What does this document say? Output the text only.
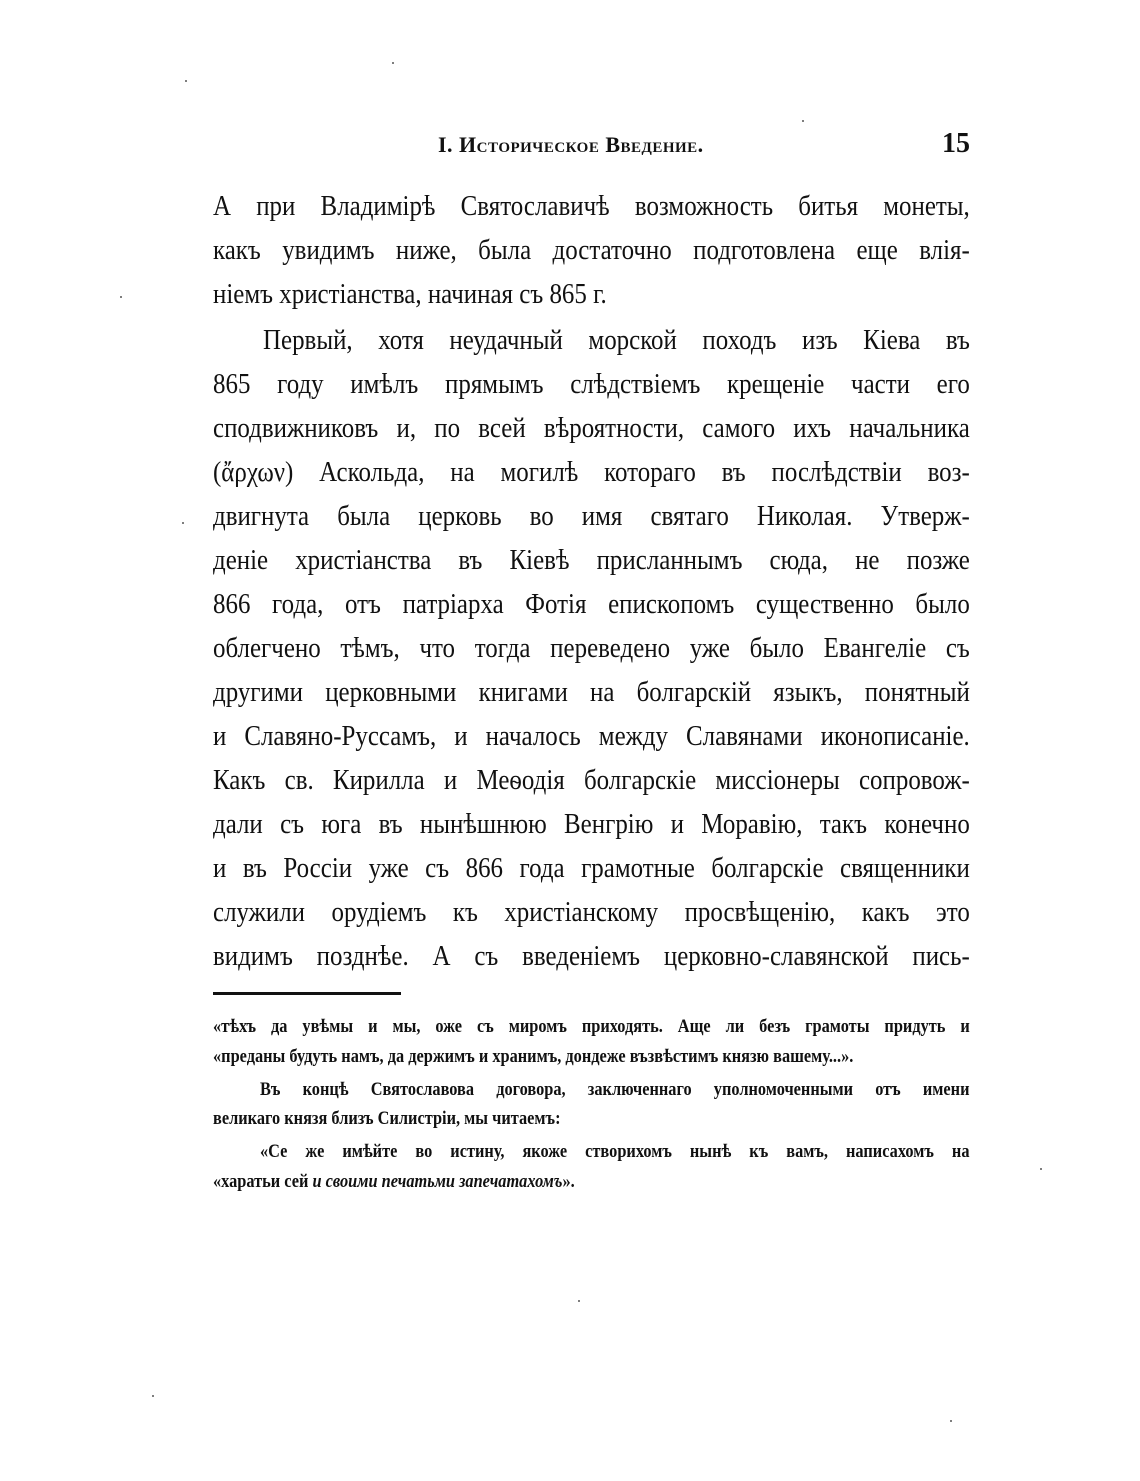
I. Историческое Введение.	15
А при Владимірѣ Святославичѣ возможность битья монеты,
какъ увидимъ ниже, была достаточно подготовлена еще влія-
ніемъ христіанства, начиная съ 865 г.
Первый, хотя неудачный морской походъ изъ Кіева въ
865 году имѣлъ прямымъ слѣдствіемъ крещеніе части его
сподвижниковъ и, по всей вѣроятности, самого ихъ начальника
(ἄρχων) Аскольда, на могилѣ котораго въ послѣдствіи воз-
двигнута была церковь во имя святаго Николая. Утверж-
деніе христіанства въ Кіевѣ присланнымъ сюда, не позже
866 года, отъ патріарха Фотія епископомъ существенно было
облегчено тѣмъ, что тогда переведено уже было Евангеліе съ
другими церковными книгами на болгарскій языкъ, понятный
и Славяно-Руссамъ, и началось между Славянами иконописаніе.
Какъ св. Кирилла и Меѳодія болгарскіе миссіонеры сопровож-
дали съ юга въ нынѣшнюю Венгрію и Моравію, такъ конечно
и въ Россіи уже съ 866 года грамотные болгарскіе священники
служили орудіемъ къ христіанскому просвѣщенію, какъ это
видимъ позднѣе. А съ введеніемъ церковно-славянской пись-
«тѣхъ да увѣмы и мы, оже съ миромъ приходять. Аще ли безъ грамоты придуть и
«преданы будуть намъ, да держимъ и хранимъ, дондеже възвѣстимъ князю вашему...».
Въ концѣ Святославова договора, заключеннаго уполномоченными отъ имени
великаго князя близъ Силистріи, мы читаемъ:
«Се же имѣйте во истину, якоже створихомъ нынѣ къ вамъ, написахомъ на
«харатьи сей и своими печатьми запечатахомъ».
